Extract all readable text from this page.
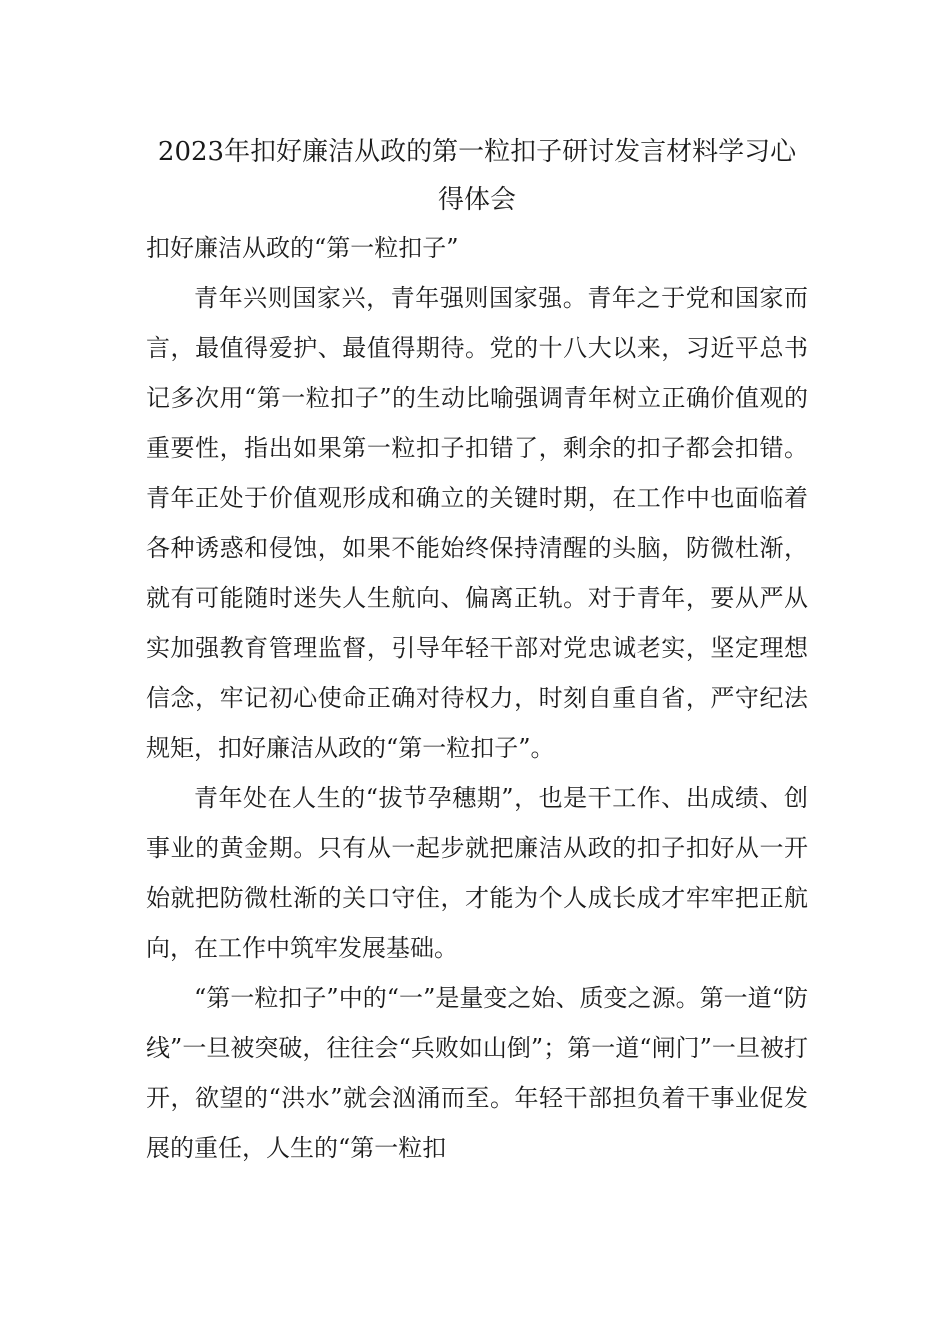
2023年扣好廉洁从政的第一粒扣子研讨发言材料学习心得体会

扣好廉洁从政的“第一粒扣子”

青年兴则国家兴，青年强则国家强。青年之于党和国家而言，最值得爱护、最值得期待。党的十八大以来，习近平总书记多次用“第一粒扣子”的生动比喻强调青年树立正确价值观的重要性，指出如果第一粒扣子扣错了，剩余的扣子都会扣错。青年正处于价值观形成和确立的关键时期，在工作中也面临着各种诱惑和侵蚀，如果不能始终保持清醒的头脑，防微杜渐，就有可能随时迷失人生航向、偏离正轨。对于青年，要从严从实加强教育管理监督，引导年轻干部对党忠诚老实，坚定理想信念，牢记初心使命正确对待权力，时刻自重自省，严守纪法规矩，扣好廉洁从政的“第一粒扣子”。

青年处在人生的“拔节孕穗期”，也是干工作、出成绩、创事业的黄金期。只有从一起步就把廉洁从政的扣子扣好从一开始就把防微杜渐的关口守住，才能为个人成长成才牢牢把正航向，在工作中筑牢发展基础。

“第一粒扣子”中的“一”是量变之始、质变之源。第一道“防线”一旦被突破，往往会“兵败如山倒”；第一道“闸门”一旦被打开，欲望的“洪水”就会汹涌而至。年轻干部担负着干事业促发展的重任，人生的“第一粒扣
